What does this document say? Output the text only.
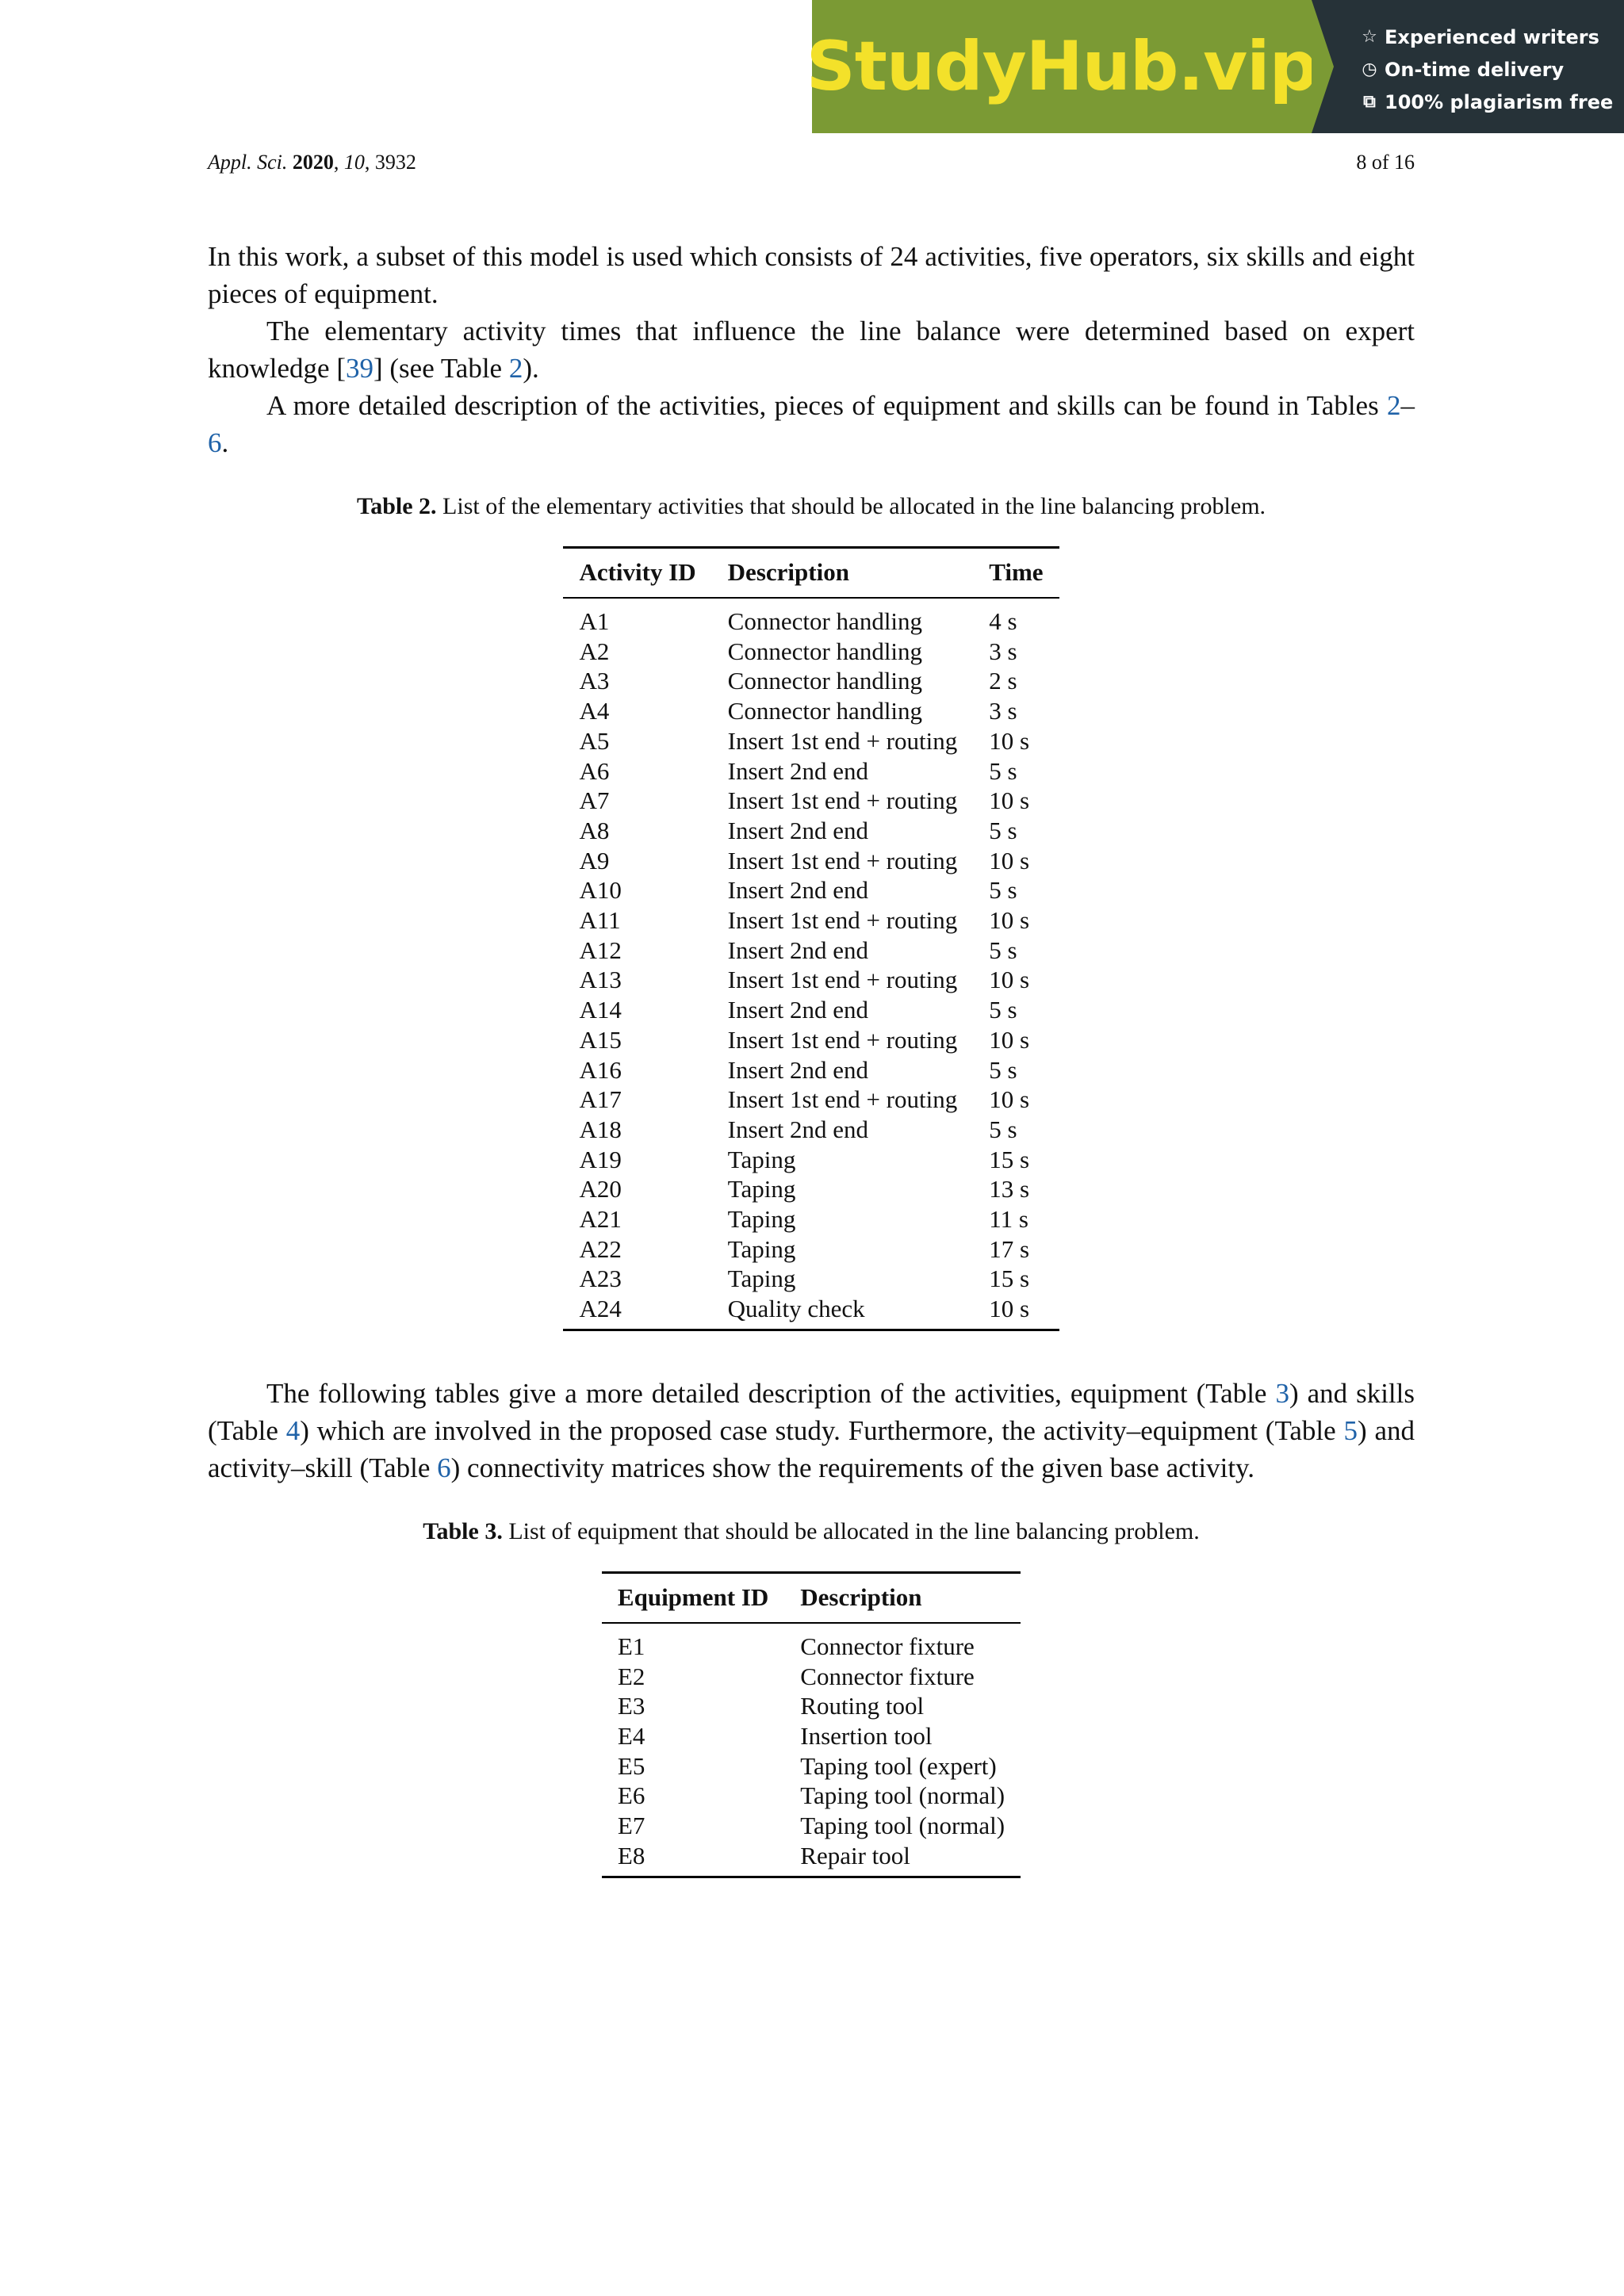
StudyHub.vip	☆ Experienced writers
◷ On-time delivery
⧉ 100% plagiarism free
Appl. Sci. 2020, 10, 3932	8 of 16

In this work, a subset of this model is used which consists of 24 activities, five operators, six skills and eight pieces of equipment.

The elementary activity times that influence the line balance were determined based on expert knowledge [39] (see Table 2).

A more detailed description of the activities, pieces of equipment and skills can be found in Tables 2–6.

Table 2. List of the elementary activities that should be allocated in the line balancing problem.
Activity ID	Description	Time
A1	Connector handling	4 s
A2	Connector handling	3 s
A3	Connector handling	2 s
A4	Connector handling	3 s
A5	Insert 1st end + routing	10 s
A6	Insert 2nd end	5 s
A7	Insert 1st end + routing	10 s
A8	Insert 2nd end	5 s
A9	Insert 1st end + routing	10 s
A10	Insert 2nd end	5 s
A11	Insert 1st end + routing	10 s
A12	Insert 2nd end	5 s
A13	Insert 1st end + routing	10 s
A14	Insert 2nd end	5 s
A15	Insert 1st end + routing	10 s
A16	Insert 2nd end	5 s
A17	Insert 1st end + routing	10 s
A18	Insert 2nd end	5 s
A19	Taping	15 s
A20	Taping	13 s
A21	Taping	11 s
A22	Taping	17 s
A23	Taping	15 s
A24	Quality check	10 s

The following tables give a more detailed description of the activities, equipment (Table 3) and skills (Table 4) which are involved in the proposed case study. Furthermore, the activity–equipment (Table 5) and activity–skill (Table 6) connectivity matrices show the requirements of the given base activity.

Table 3. List of equipment that should be allocated in the line balancing problem.
Equipment ID	Description
E1	Connector fixture
E2	Connector fixture
E3	Routing tool
E4	Insertion tool
E5	Taping tool (expert)
E6	Taping tool (normal)
E7	Taping tool (normal)
E8	Repair tool
